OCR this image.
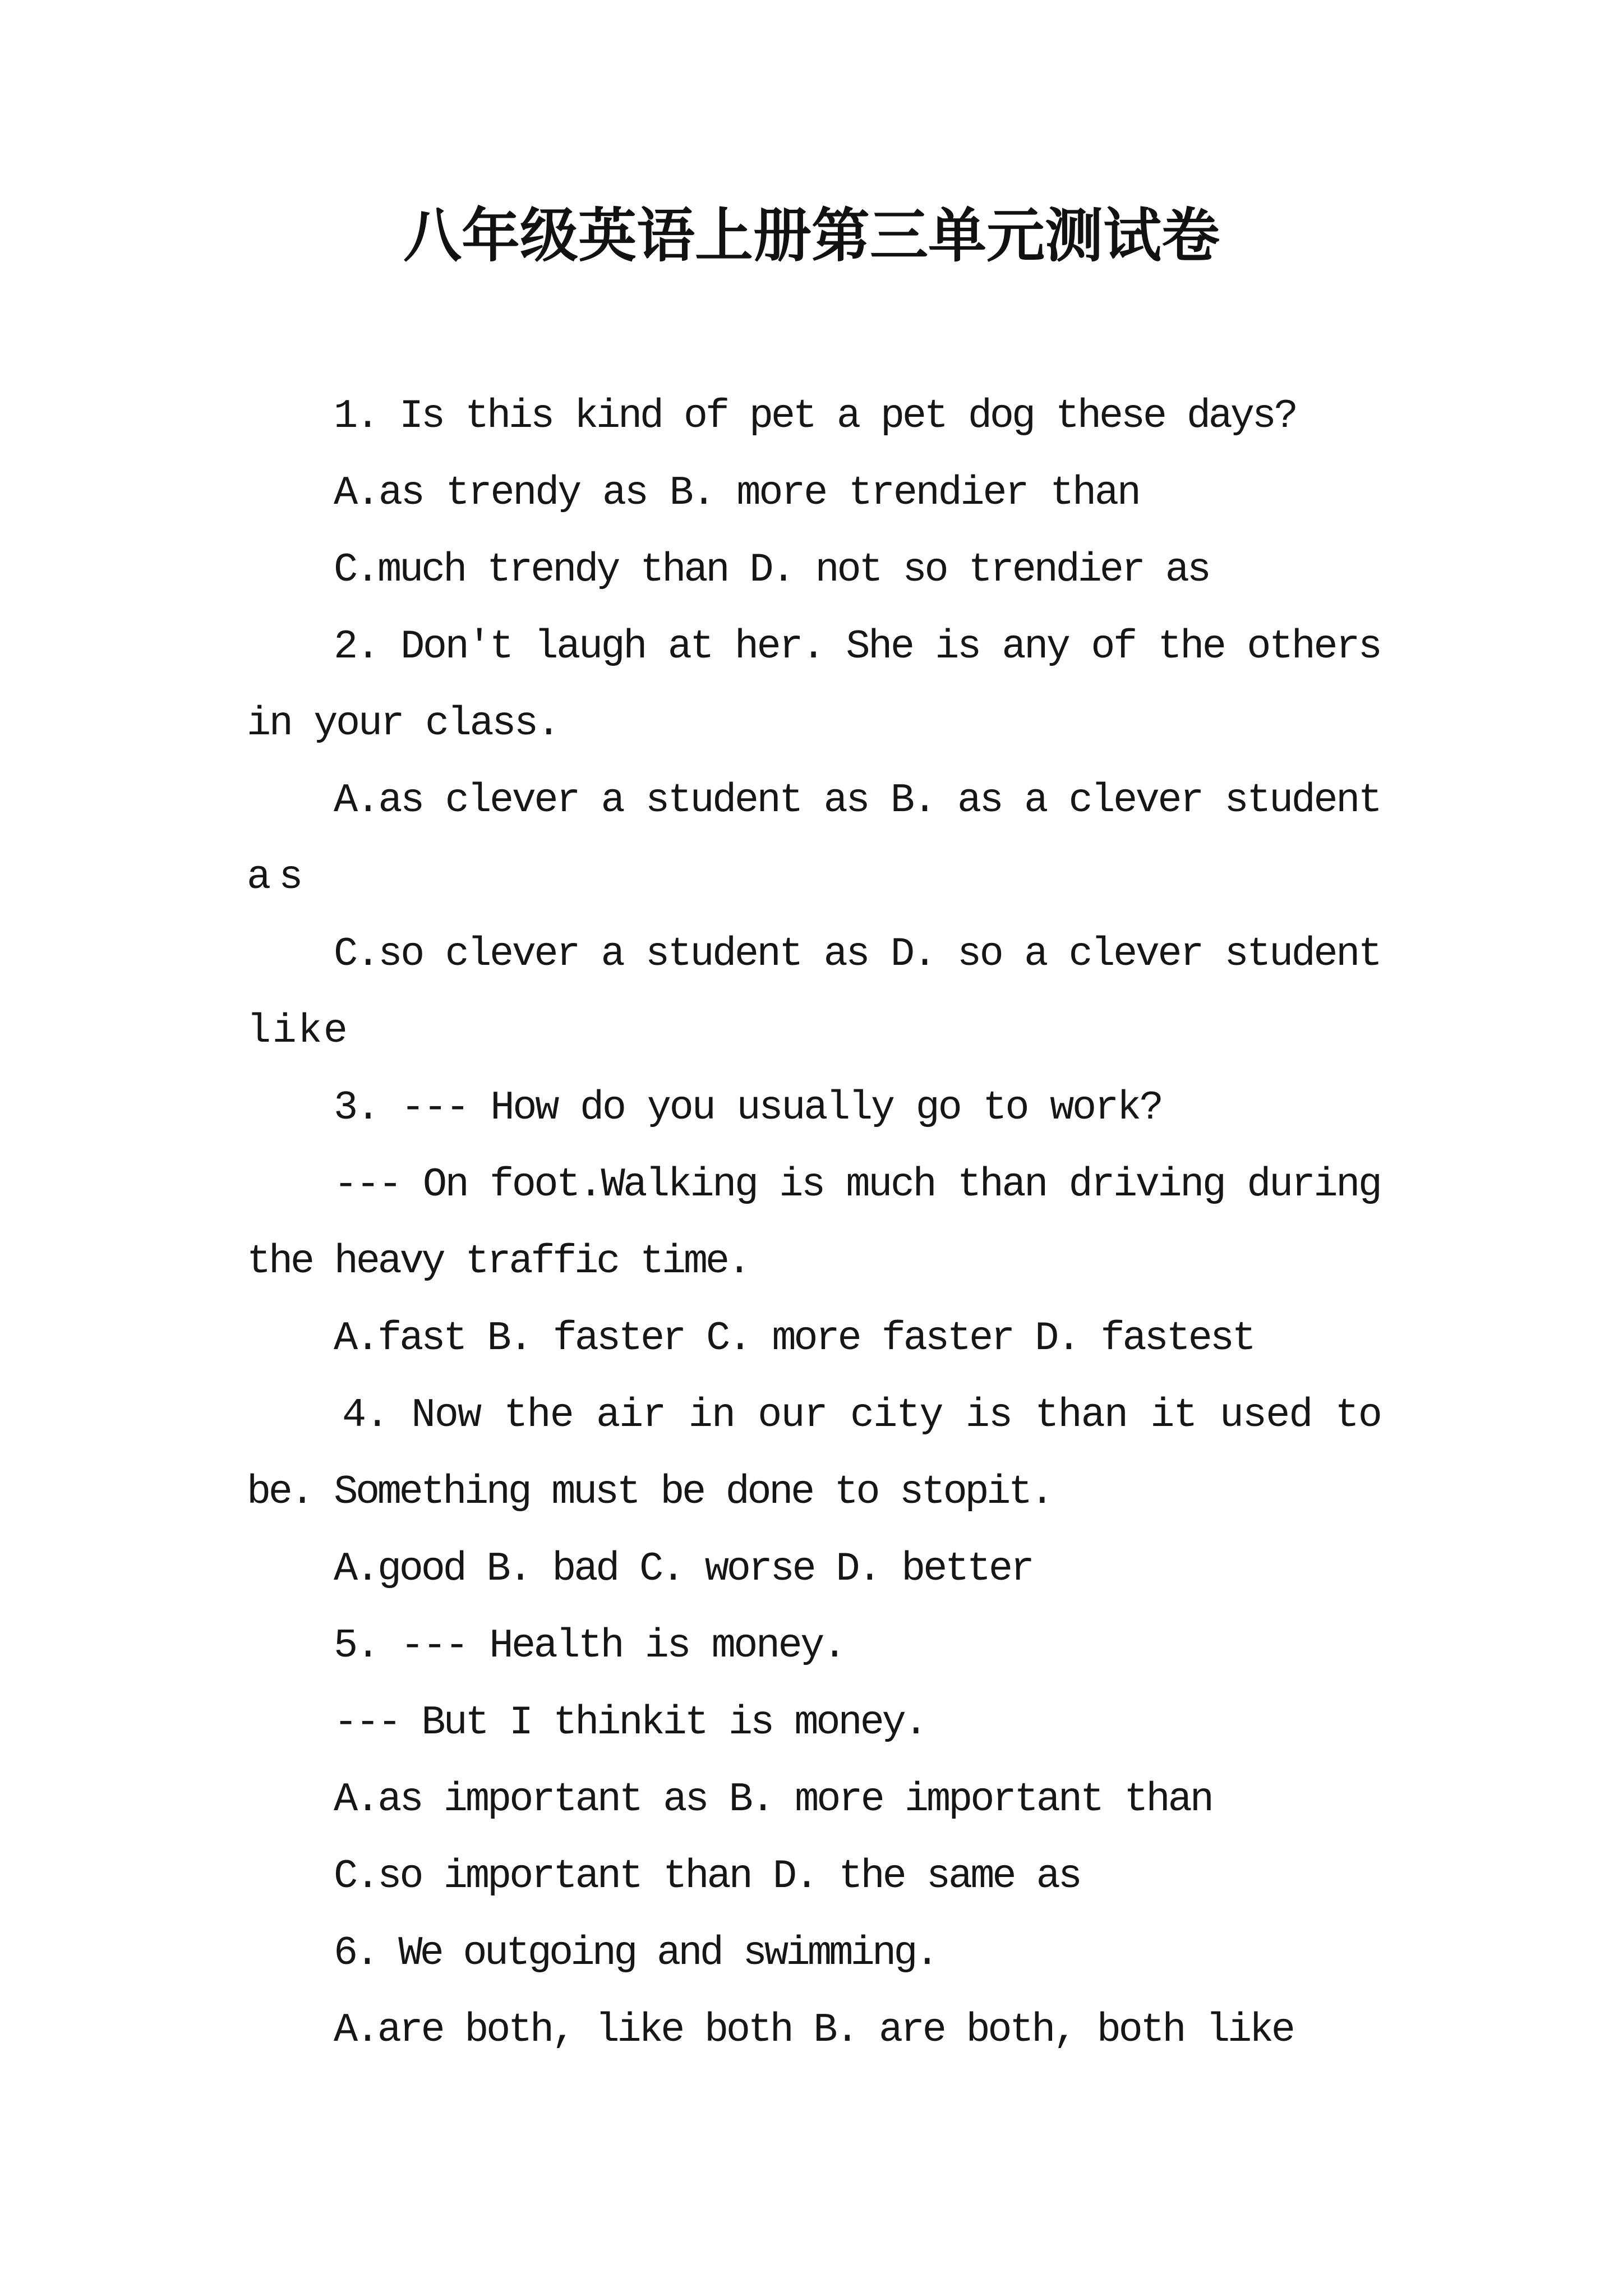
八年级英语上册第三单元测试卷
1. Is this kind of pet a pet dog these days?
A.as trendy as B. more trendier than
C.much trendy than D. not so trendier as
2. Don't laugh at her. She is any of the others
in your class.
A.as clever a student as B. as a clever student
as
C.so clever a student as D. so a clever student
like
3. --- How do you usually go to work?
--- On foot.Walking is much than driving during
the heavy traffic time.
A.fast B. faster C. more faster D. fastest
4. Now the air in our city is than it used to
be. Something must be done to stopit.
A.good B. bad C. worse D. better
5. --- Health is money.
--- But I thinkit is money.
A.as important as B. more important than
C.so important than D. the same as
6. We outgoing and swimming.
A.are both, like both B. are both, both like
